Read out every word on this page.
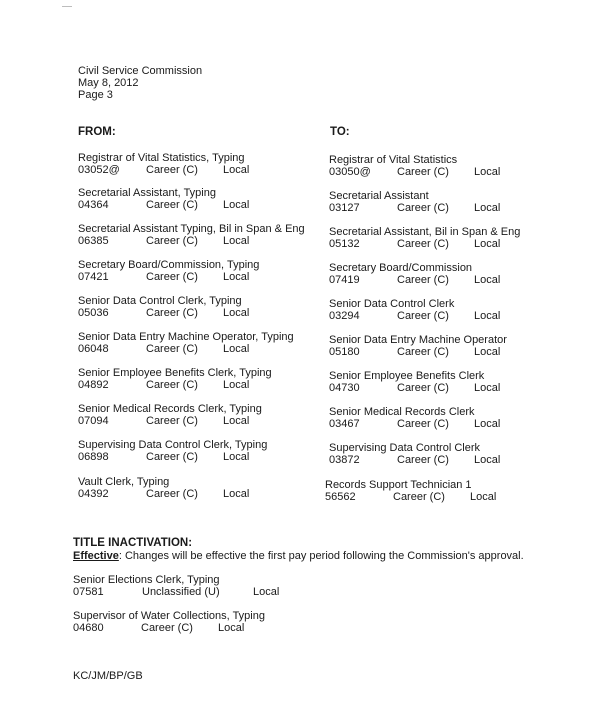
Civil Service Commission
May 8, 2012
Page 3
FROM:	TO:
Registrar of Vital Statistics, Typing
03052@ Career (C) Local
Secretarial Assistant, Typing
04364	Career (C) Local
Secretarial Assistant Typing, Bil in Span & Eng
06385	Career (C) Local
Secretary Board/Commission, Typing
07421	Career (C) Local
Senior Data Control Clerk, Typing
05036	Career (C) Local
Senior Data Entry Machine Operator, Typing
06048	Career (C) Local
Senior Employee Benefits Clerk, Typing
04892	Career (C) Local
Senior Medical Records Clerk, Typing
07094	Career (C) Local
Supervising Data Control Clerk, Typing
06898	Career (C) Local
Vault Clerk, Typing
04392	Career (C) Local
Registrar of Vital Statistics
03050@ Career (C) Local
Secretarial Assistant
03127	Career (C) Local
Secretarial Assistant, Bil in Span & Eng
05132	Career (C) Local
Secretary Board/Commission
07419	Career (C) Local
Senior Data Control Clerk
03294	Career (C) Local
Senior Data Entry Machine Operator
05180	Career (C) Local
Senior Employee Benefits Clerk
04730	Career (C) Local
Senior Medical Records Clerk
03467	Career (C) Local
Supervising Data Control Clerk
03872	Career (C) Local
Records Support Technician 1
56562	Career (C) Local
TITLE INACTIVATION:
Effective: Changes will be effective the first pay period following the Commission's approval.
Senior Elections Clerk, Typing
07581	Unclassified (U)	Local
Supervisor of Water Collections, Typing
04680	Career (C) Local
KC/JM/BP/GB
